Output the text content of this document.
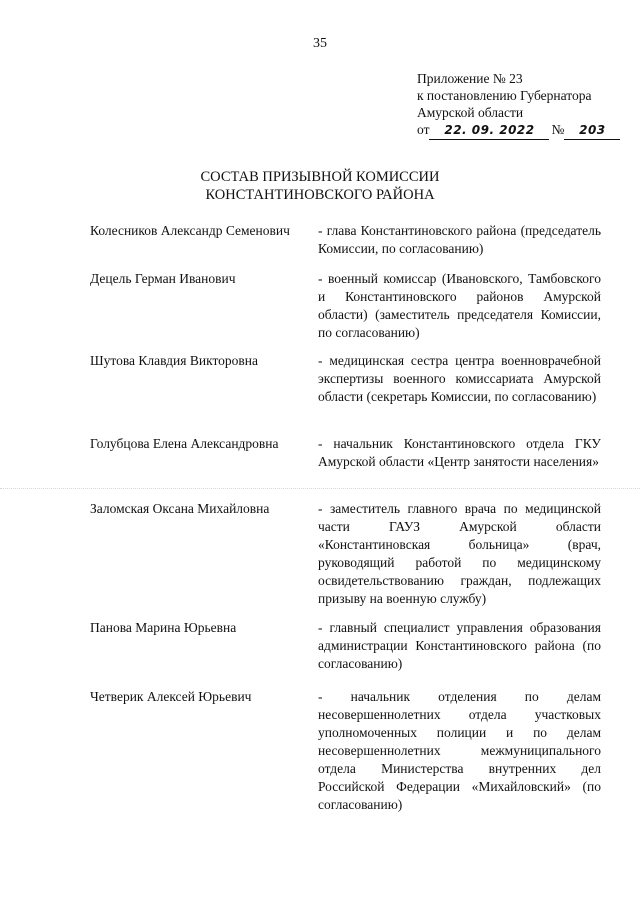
35
Приложение № 23
к постановлению Губернатора
Амурской области
от	22. 09. 2022	№	203
СОСТАВ ПРИЗЫВНОЙ КОМИССИИ
КОНСТАНТИНОВСКОГО РАЙОНА
Колесников Александр Семенович	- глава Константиновского района (председатель Комиссии, по согласованию)
Децель Герман Иванович	- военный комиссар (Ивановского, Тамбовского и Константиновского районов Амурской области) (заместитель председателя Комиссии, по согласованию)
Шутова Клавдия Викторовна	- медицинская сестра центра военноврачебной экспертизы военного комиссариата Амурской области (секретарь Комиссии, по согласованию)
Голубцова Елена Александровна	- начальник Константиновского отдела ГКУ Амурской области «Центр занятости населения»
Заломская Оксана Михайловна	- заместитель главного врача по медицинской части ГАУЗ Амурской области «Константиновская больница» (врач, руководящий работой по медицинскому освидетельствованию граждан, подлежащих призыву на военную службу)
Панова Марина Юрьевна	- главный специалист управления образования администрации Константиновского района (по согласованию)
Четверик Алексей Юрьевич	- начальник отделения по делам несовершеннолетних отдела участковых уполномоченных полиции и по делам несовершеннолетних межмуниципального отдела Министерства внутренних дел Российской Федерации «Михайловский» (по согласованию)
